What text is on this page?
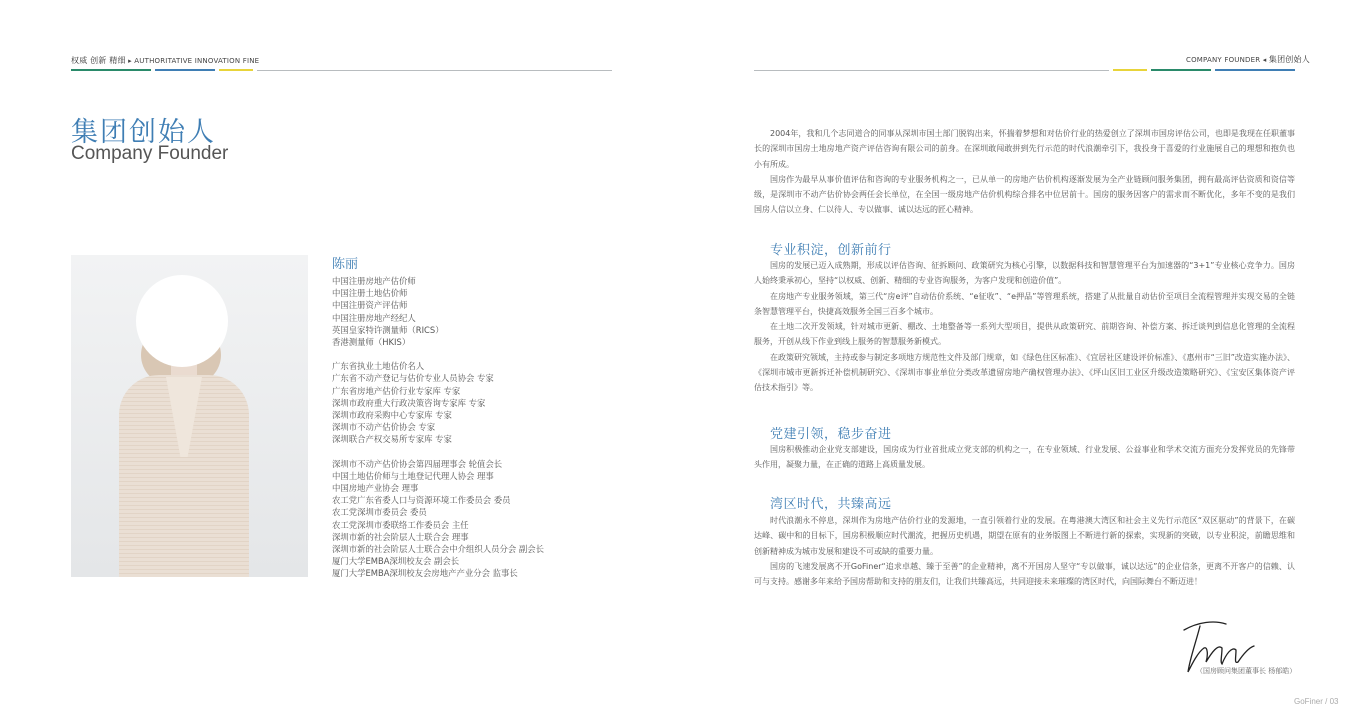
权威 创新 精细 ▸ AUTHORITATIVE INNOVATION FINE	COMPANY FOUNDER ◂ 集团创始人
集团创始人
Company Founder
陈丽
中国注册房地产估价师
中国注册土地估价师
中国注册资产评估师
中国注册房地产经纪人
英国皇家特许测量师（RICS）
香港测量师（HKIS）
广东省执业土地估价名人
广东省不动产登记与估价专业人员协会 专家
广东省房地产估价行业专家库 专家
深圳市政府重大行政决策咨询专家库 专家
深圳市政府采购中心专家库 专家
深圳市不动产估价协会 专家
深圳联合产权交易所专家库 专家
深圳市不动产估价协会第四届理事会 轮值会长
中国土地估价师与土地登记代理人协会 理事
中国房地产业协会 理事
农工党广东省委人口与资源环境工作委员会 委员
农工党深圳市委员会 委员
农工党深圳市委联络工作委员会 主任
深圳市新的社会阶层人士联合会 理事
深圳市新的社会阶层人士联合会中介组织人员分会 副会长
厦门大学EMBA深圳校友会 副会长
厦门大学EMBA深圳校友会房地产产业分会 监事长

2004年，我和几个志同道合的同事从深圳市国土部门脱钩出来，怀揣着梦想和对估价行业的热爱创立了深圳市国房评估公司，也即是我现在任职董事长的深圳市国房土地房地产资产评估咨询有限公司的前身。在深圳敢闯敢拼到先行示范的时代浪潮牵引下，我投身于喜爱的行业施展自己的理想和抱负也小有所成。

国房作为最早从事价值评估和咨询的专业服务机构之一，已从单一的房地产估价机构逐渐发展为全产业链顾问服务集团，拥有最高评估资质和资信等级，是深圳市不动产估价协会两任会长单位，在全国一级房地产估价机构综合排名中位居前十。国房的服务因客户的需求而不断优化，多年不变的是我们国房人信以立身、仁以待人、专以做事、诚以达远的匠心精神。

专业积淀，创新前行

国房的发展已迈入成熟期，形成以评估咨询、征拆顾问、政策研究为核心引擎，以数据科技和智慧管理平台为加速器的“3+1”专业核心竞争力。国房人始终秉承初心，坚持“以权威、创新、精细的专业咨询服务，为客户发现和创造价值”。

在房地产专业服务领域，第三代“房e评”自动估价系统、“e征收”、“e押品”等管理系统，搭建了从批量自动估价至项目全流程管理并实现交易的全链条智慧管理平台，快捷高效服务全国三百多个城市。

在土地二次开发领域，针对城市更新、棚改、土地整备等一系列大型项目，提供从政策研究、前期咨询、补偿方案、拆迁谈判到信息化管理的全流程服务，开创从线下作业到线上服务的智慧服务新模式。

在政策研究领域，主持或参与制定多项地方规范性文件及部门规章，如《绿色住区标准》、《宜居社区建设评价标准》、《惠州市“三旧”改造实施办法》、《深圳市城市更新拆迁补偿机制研究》、《深圳市事业单位分类改革遗留房地产确权管理办法》、《坪山区旧工业区升级改造策略研究》、《宝安区集体资产评估技术指引》等。

党建引领，稳步奋进

国房积极推动企业党支部建设，国房成为行业首批成立党支部的机构之一，在专业领域、行业发展、公益事业和学术交流方面充分发挥党员的先锋带头作用，凝聚力量，在正确的道路上高质量发展。

湾区时代，共臻高远

时代浪潮永不停息，深圳作为房地产估价行业的发源地，一直引领着行业的发展。在粤港澳大湾区和社会主义先行示范区“双区驱动”的背景下，在碳达峰、碳中和的目标下，国房积极顺应时代潮流，把握历史机遇，期望在原有的业务版图上不断进行新的探索，实现新的突破，以专业积淀，前瞻思维和创新精神成为城市发展和建设不可或缺的重要力量。

国房的飞速发展离不开GoFiner“追求卓越、臻于至善”的企业精神，离不开国房人坚守“专以做事，诚以达远”的企业信条，更离不开客户的信赖、认可与支持。感谢多年来给予国房帮助和支持的朋友们，让我们共臻高远，共同迎接未来璀璨的湾区时代，向国际舞台不断迈进！

（国房顾问集团董事长 杨郁皓）
GoFiner / 03
